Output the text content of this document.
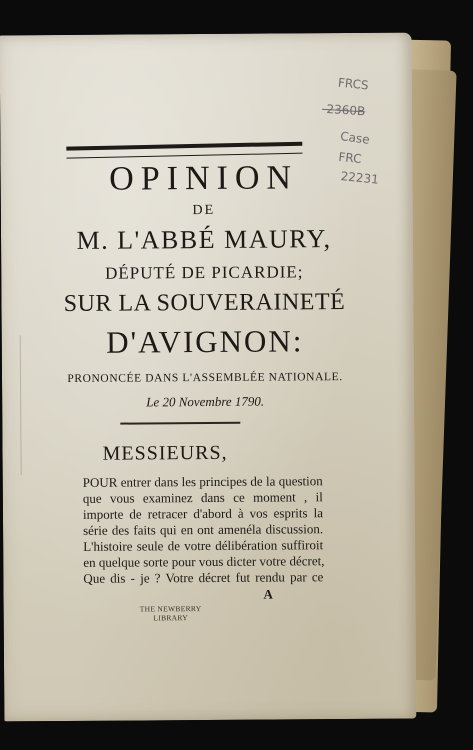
OPINION
DE
M. L'ABBÉ MAURY,
DÉPUTÉ DE PICARDIE;
SUR LA SOUVERAINETÉ
D'AVIGNON:
PRONONCÉE DANS L'ASSEMBLÉE NATIONALE.
Le 20 Novembre 1790.
MESSIEURS,
POUR entrer dans les principes de la question
que vous examinez dans ce moment , il
importe de retracer d'abord à vos esprits la
série des faits qui en ont amenéla discussion.
L'histoire seule de votre délibération suffiroit
en quelque sorte pour vous dicter votre décret,
Que dis - je ? Votre décret fut rendu par ce
A
THE NEWBERRY
LIBRARY
FRCS
-2360B
Case
FRC
22231
